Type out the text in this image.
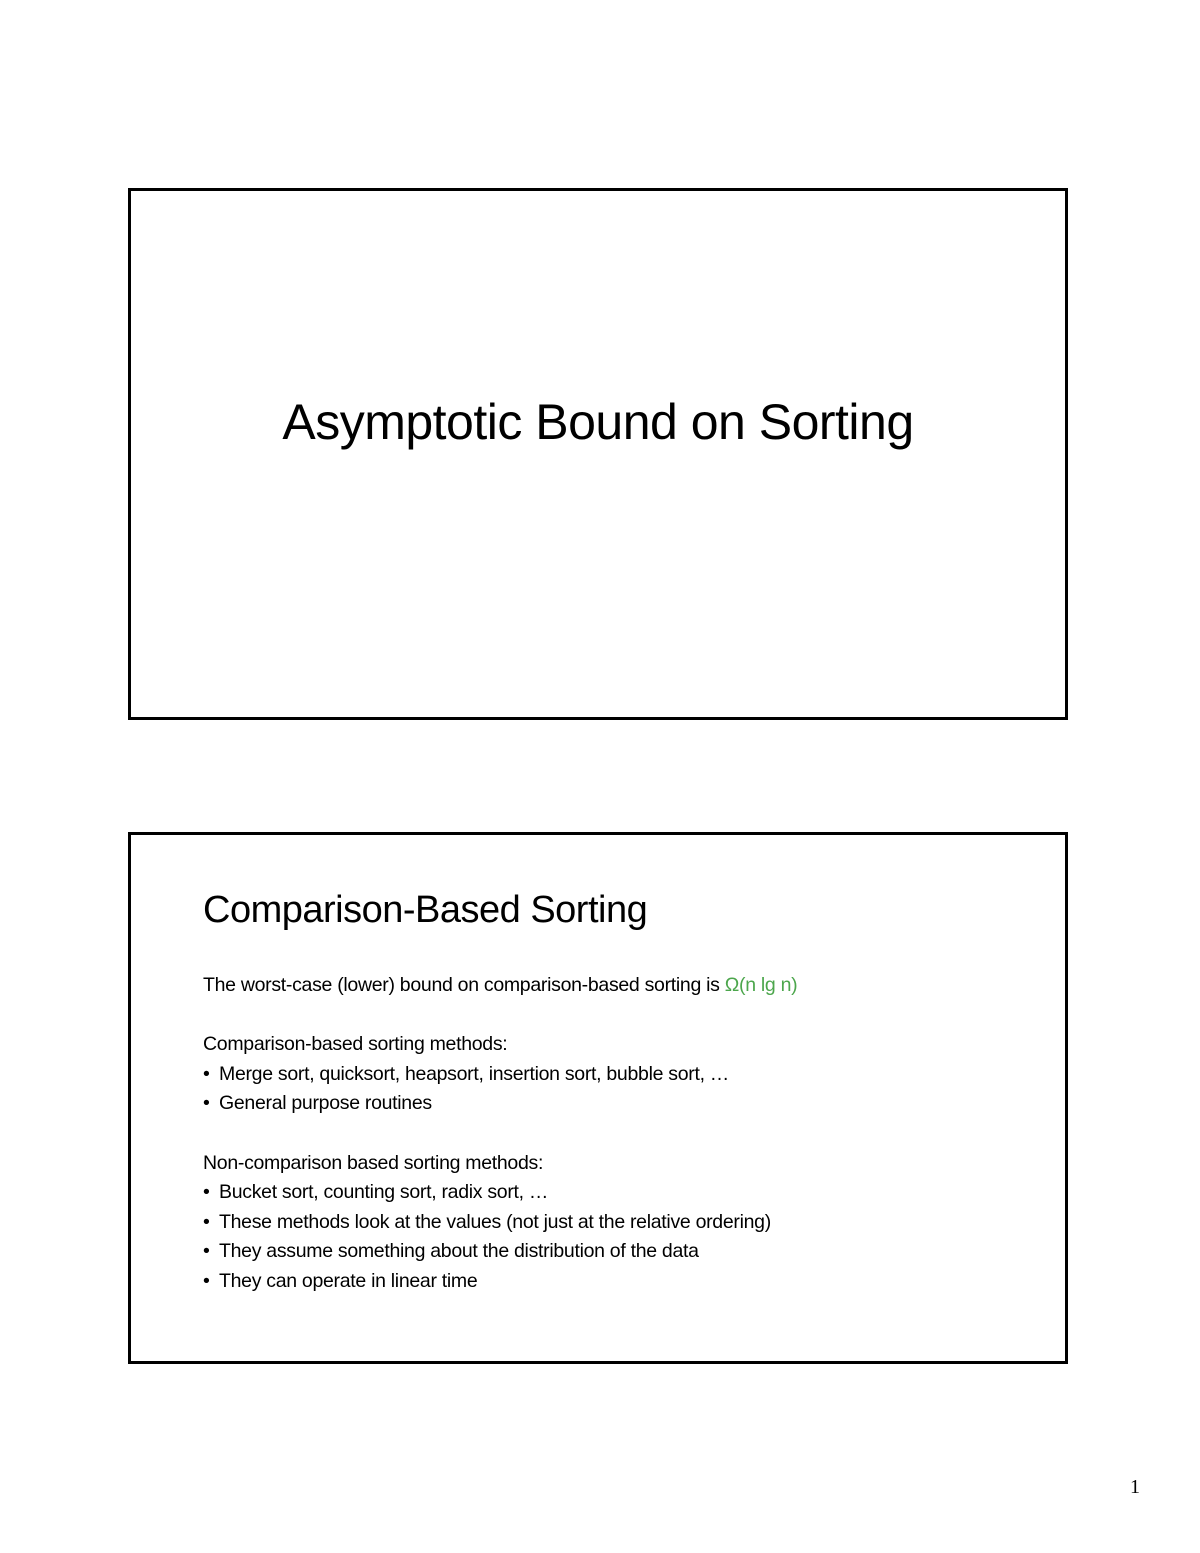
Asymptotic Bound on Sorting
Comparison-Based Sorting
The worst-case (lower) bound on comparison-based sorting is Ω(n lg n)
Comparison-based sorting methods:
• Merge sort, quicksort, heapsort, insertion sort, bubble sort, …
• General purpose routines
Non-comparison based sorting methods:
• Bucket sort, counting sort, radix sort, …
• These methods look at the values (not just at the relative ordering)
• They assume something about the distribution of the data
• They can operate in linear time
1
